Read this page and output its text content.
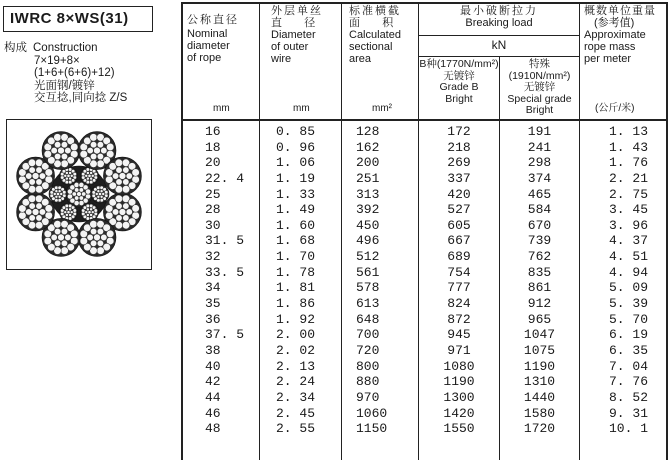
IWRC 8×WS(31)
构成 Construction
7×19+8×
(1+6+(6+6)+12)
光面钢/镀锌
交互捻,同向捻 Z/S
公称直径
Nominal
diameter
of rope
mm
外层单丝
直    径
Diameter
of outer
wire
mm
标准横截
面    积
Calculated
sectional
area
mm²
最小破断拉力
Breaking load
kN
B种(1770N/mm²)
无镀锌
Grade B
Bright
特殊(1910N/mm²)
无镀锌
Special grade
Bright
概数单位重量
(参考值)
Approximate
rope mass
per meter
(公斤/米)
16
18
20
22. 4
25
28
30
31. 5
32
33. 5
34
35
36
37. 5
38
40
42
44
46
48
0. 85
0. 96
1. 06
1. 19
1. 33
1. 49
1. 60
1. 68
1. 70
1. 78
1. 81
1. 86
1. 92
2. 00
2. 02
2. 13
2. 24
2. 34
2. 45
2. 55
128
162
200
251
313
392
450
496
512
561
578
613
648
700
720
800
880
970
1060
1150
172
218
269
337
420
527
605
667
689
754
777
824
872
945
971
1080
1190
1300
1420
1550
191
241
298
374
465
584
670
739
762
835
861
912
965
1047
1075
1190
1310
1440
1580
1720
1. 13
1. 43
1. 76
2. 21
2. 75
3. 45
3. 96
4. 37
4. 51
4. 94
5. 09
5. 39
5. 70
6. 19
6. 35
7. 04
7. 76
8. 52
9. 31
10. 1
